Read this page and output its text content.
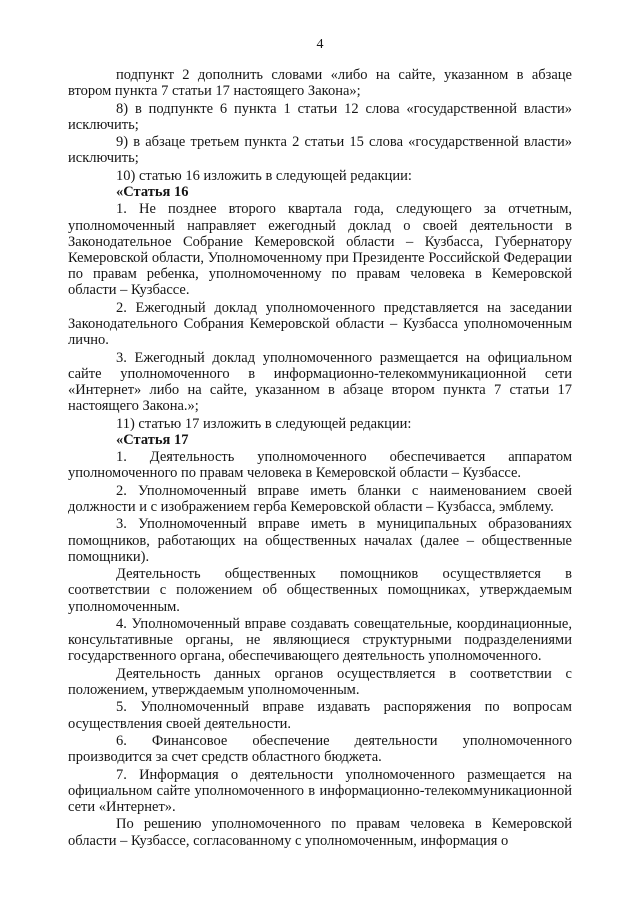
4

подпункт 2 дополнить словами «либо на сайте, указанном в абзаце втором пункта 7 статьи 17 настоящего Закона»;

8) в подпункте 6 пункта 1 статьи 12 слова «государственной власти» исключить;

9) в абзаце третьем пункта 2 статьи 15 слова «государственной власти» исключить;

10) статью 16 изложить в следующей редакции:

«Статья 16

1. Не позднее второго квартала года, следующего за отчетным, уполномоченный направляет ежегодный доклад о своей деятельности в Законодательное Собрание Кемеровской области – Кузбасса, Губернатору Кемеровской области, Уполномоченному при Президенте Российской Федерации по правам ребенка, уполномоченному по правам человека в Кемеровской области – Кузбассе.

2. Ежегодный доклад уполномоченного представляется на заседании Законодательного Собрания Кемеровской области – Кузбасса уполномоченным лично.

3. Ежегодный доклад уполномоченного размещается на официальном сайте уполномоченного в информационно-телекоммуникационной сети «Интернет» либо на сайте, указанном в абзаце втором пункта 7 статьи 17 настоящего Закона.»;

11) статью 17 изложить в следующей редакции:

«Статья 17

1. Деятельность уполномоченного обеспечивается аппаратом уполномоченного по правам человека в Кемеровской области – Кузбассе.

2. Уполномоченный вправе иметь бланки с наименованием своей должности и с изображением герба Кемеровской области – Кузбасса, эмблему.

3. Уполномоченный вправе иметь в муниципальных образованиях помощников, работающих на общественных началах (далее – общественные помощники).

Деятельность общественных помощников осуществляется в соответствии с положением об общественных помощниках, утверждаемым уполномоченным.

4. Уполномоченный вправе создавать совещательные, координационные, консультативные органы, не являющиеся структурными подразделениями государственного органа, обеспечивающего деятельность уполномоченного.

Деятельность данных органов осуществляется в соответствии с положением, утверждаемым уполномоченным.

5. Уполномоченный вправе издавать распоряжения по вопросам осуществления своей деятельности.

6. Финансовое обеспечение деятельности уполномоченного производится за счет средств областного бюджета.

7. Информация о деятельности уполномоченного размещается на официальном сайте уполномоченного в информационно-телекоммуникационной сети «Интернет».

По решению уполномоченного по правам человека в Кемеровской области – Кузбассе, согласованному с уполномоченным, информация о
